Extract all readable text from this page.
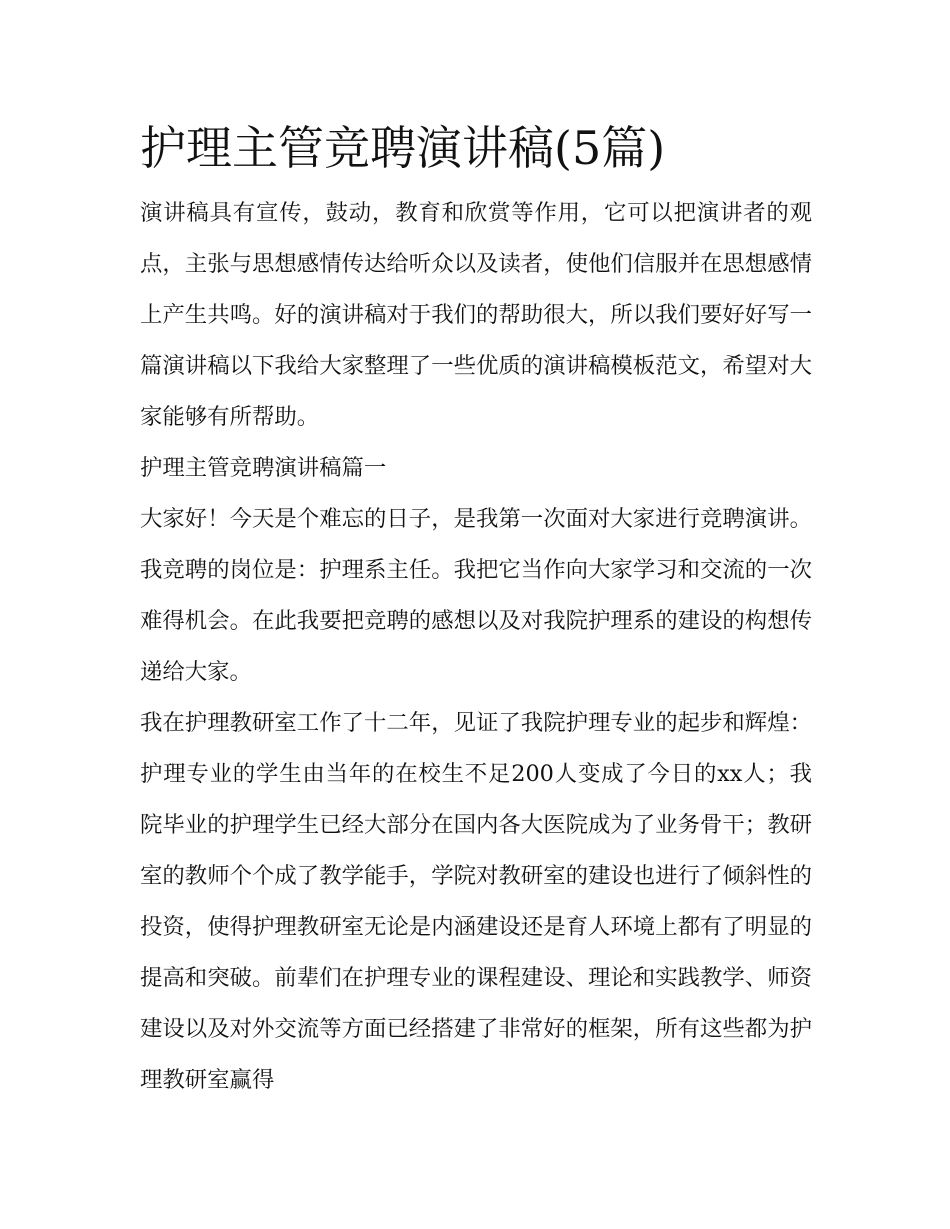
护理主管竞聘演讲稿(5篇)

演讲稿具有宣传，鼓动，教育和欣赏等作用，它可以把演讲者的观点，主张与思想感情传达给听众以及读者，使他们信服并在思想感情上产生共鸣。好的演讲稿对于我们的帮助很大，所以我们要好好写一篇演讲稿以下我给大家整理了一些优质的演讲稿模板范文，希望对大家能够有所帮助。

护理主管竞聘演讲稿篇一

大家好！今天是个难忘的日子，是我第一次面对大家进行竞聘演讲。我竞聘的岗位是：护理系主任。我把它当作向大家学习和交流的一次难得机会。在此我要把竞聘的感想以及对我院护理系的建设的构想传递给大家。

我在护理教研室工作了十二年，见证了我院护理专业的起步和辉煌：护理专业的学生由当年的在校生不足200人变成了今日的xx人；我院毕业的护理学生已经大部分在国内各大医院成为了业务骨干；教研室的教师个个成了教学能手，学院对教研室的建设也进行了倾斜性的投资，使得护理教研室无论是内涵建设还是育人环境上都有了明显的提高和突破。前辈们在护理专业的课程建设、理论和实践教学、师资建设以及对外交流等方面已经搭建了非常好的框架，所有这些都为护理教研室赢得
